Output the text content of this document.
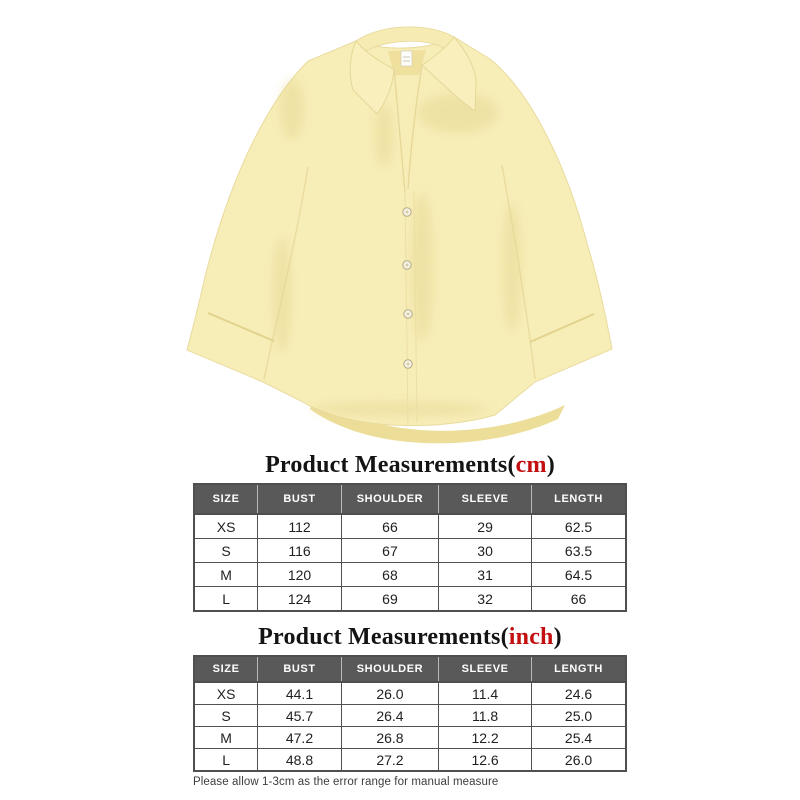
Product Measurements(cm)
SIZE	BUST	SHOULDER	SLEEVE	LENGTH
XS	112	66	29	62.5
S	116	67	30	63.5
M	120	68	31	64.5
L	124	69	32	66
Product Measurements(inch)
SIZE	BUST	SHOULDER	SLEEVE	LENGTH
XS	44.1	26.0	11.4	24.6
S	45.7	26.4	11.8	25.0
M	47.2	26.8	12.2	25.4
L	48.8	27.2	12.6	26.0
Please allow 1-3cm as the error range for manual measure
